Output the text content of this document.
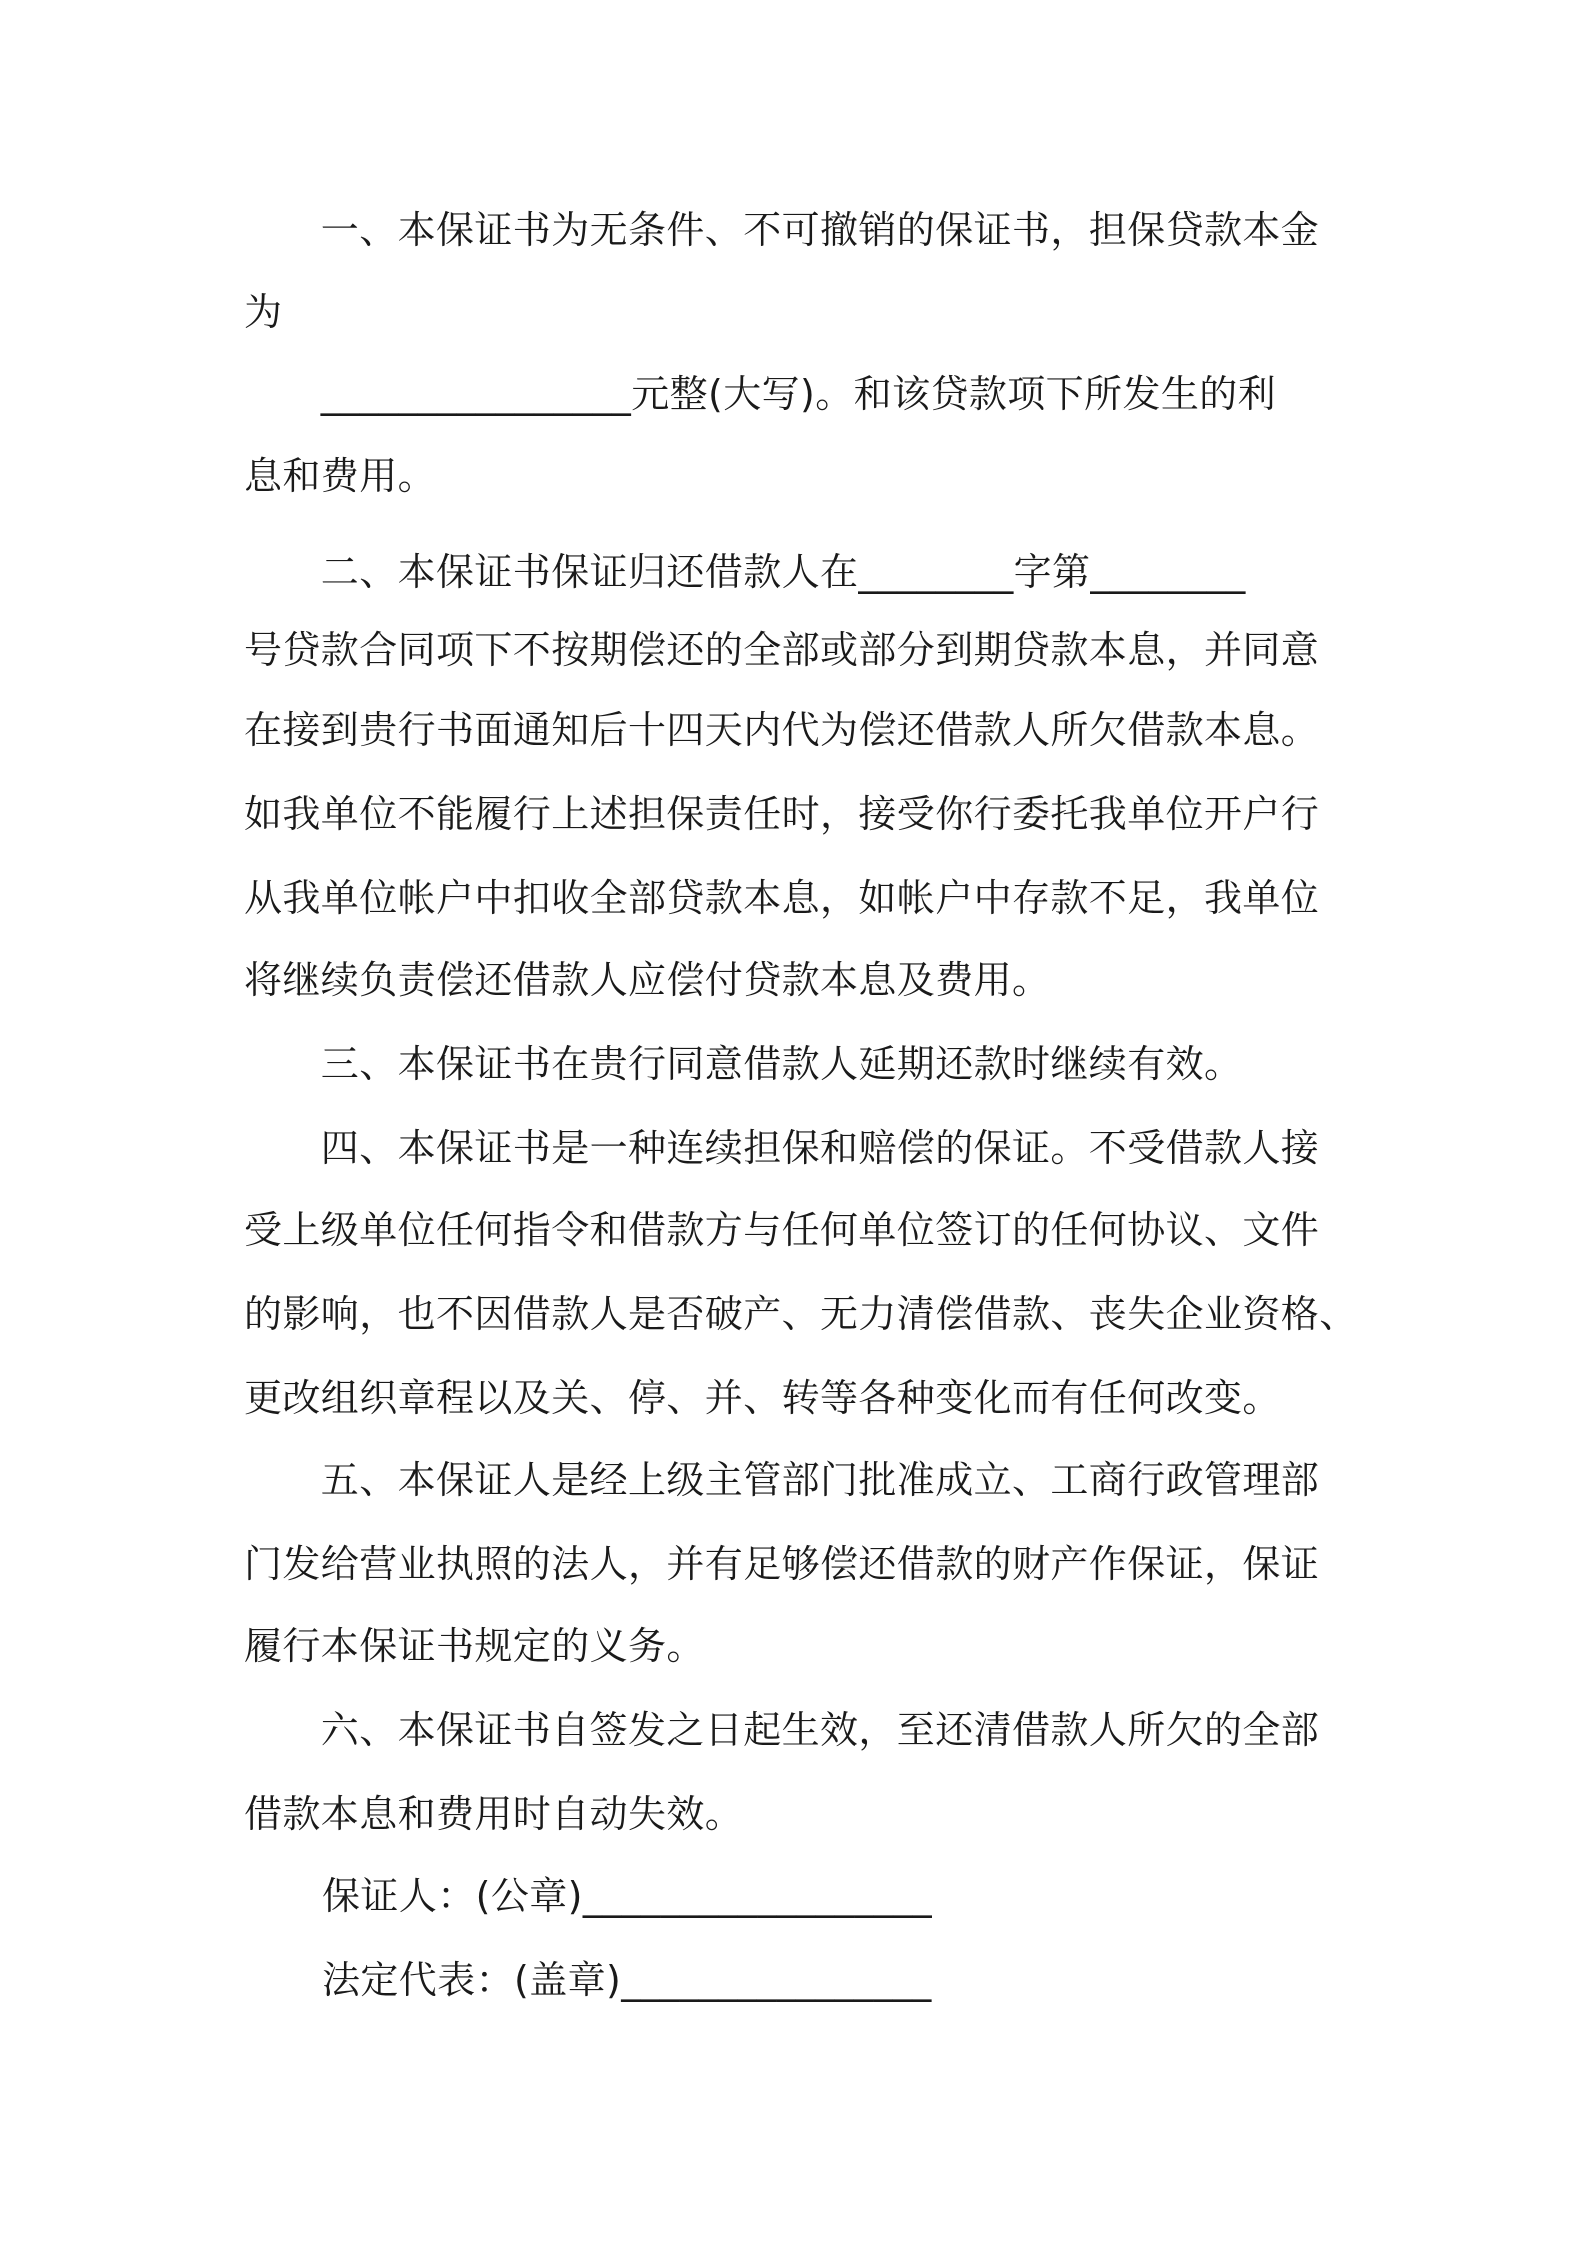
　　一、本保证书为无条件、不可撤销的保证书，担保贷款本金
为
　　________________元整(大写)。和该贷款项下所发生的利
息和费用。
　　二、本保证书保证归还借款人在________字第________
号贷款合同项下不按期偿还的全部或部分到期贷款本息，并同意
在接到贵行书面通知后十四天内代为偿还借款人所欠借款本息。
如我单位不能履行上述担保责任时，接受你行委托我单位开户行
从我单位帐户中扣收全部贷款本息，如帐户中存款不足，我单位
将继续负责偿还借款人应偿付贷款本息及费用。
　　三、本保证书在贵行同意借款人延期还款时继续有效。
　　四、本保证书是一种连续担保和赔偿的保证。不受借款人接
受上级单位任何指令和借款方与任何单位签订的任何协议、文件
的影响，也不因借款人是否破产、无力清偿借款、丧失企业资格、
更改组织章程以及关、停、并、转等各种变化而有任何改变。
　　五、本保证人是经上级主管部门批准成立、工商行政管理部
门发给营业执照的法人，并有足够偿还借款的财产作保证，保证
履行本保证书规定的义务。
　　六、本保证书自签发之日起生效，至还清借款人所欠的全部
借款本息和费用时自动失效。
保证人：(公章)__________________
法定代表：(盖章)________________
